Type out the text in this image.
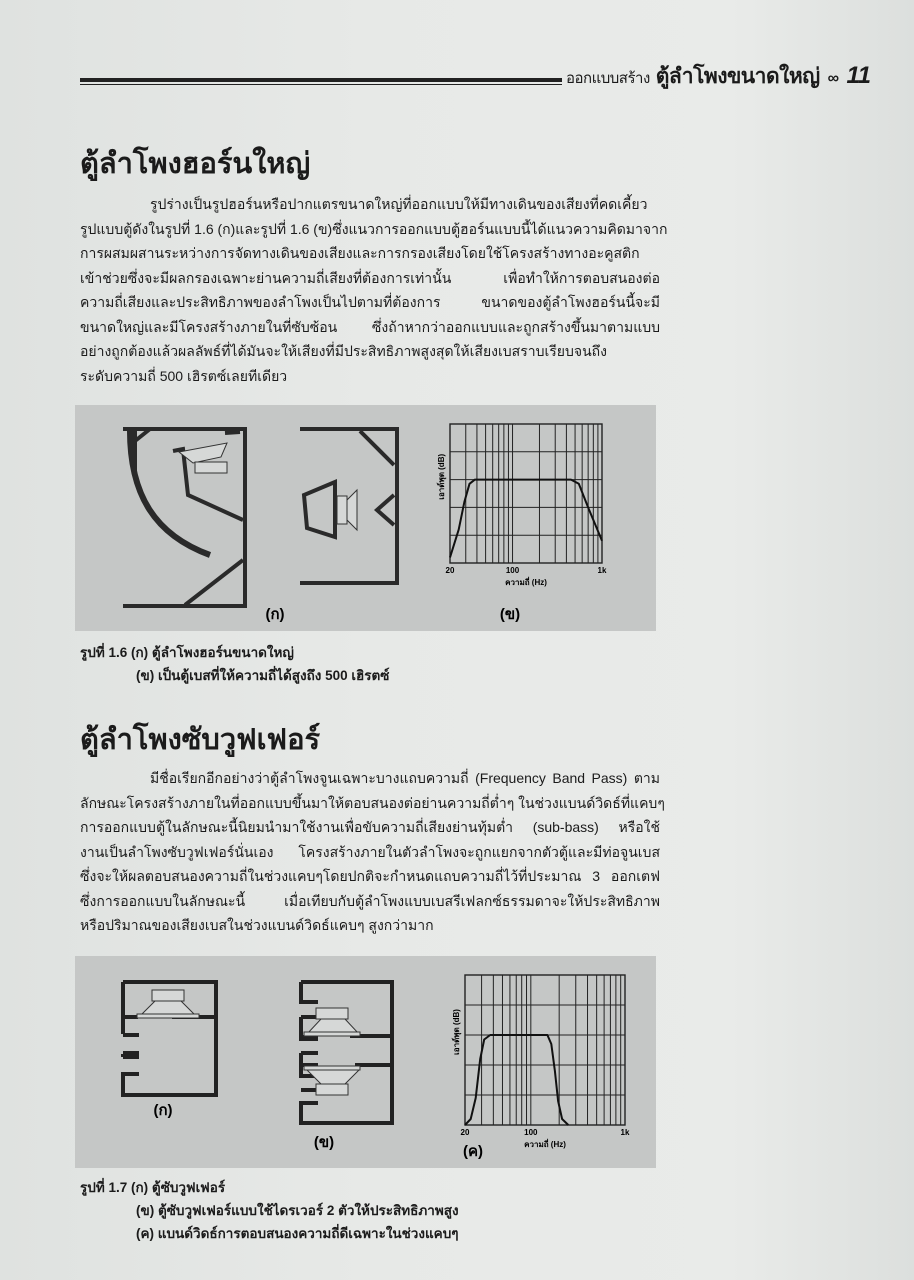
ออกแบบสร้าง ตู้ลำโพงขนาดใหญ่ ∞ 11
ตู้ลำโพงฮอร์นใหญ่
รูปร่างเป็นรูปฮอร์นหรือปากแตรขนาดใหญ่ที่ออกแบบให้มีทางเดินของเสียงที่คดเคี้ยว
รูปแบบตู้ดังในรูปที่ 1.6 (ก)และรูปที่ 1.6 (ข)ซึ่งแนวการออกแบบตู้ฮอร์นแบบนี้ได้แนวความคิดมาจาก
การผสมผสานระหว่างการจัดทางเดินของเสียงและการกรองเสียงโดยใช้โครงสร้างทางอะคูสติก
เข้าช่วยซึ่งจะมีผลกรองเฉพาะย่านความถี่เสียงที่ต้องการเท่านั้น เพื่อทำให้การตอบสนองต่อ
ความถี่เสียงและประสิทธิภาพของลำโพงเป็นไปตามที่ต้องการ ขนาดของตู้ลำโพงฮอร์นนี้จะมี
ขนาดใหญ่และมีโครงสร้างภายในที่ซับซ้อน ซึ่งถ้าหากว่าออกแบบและถูกสร้างขึ้นมาตามแบบ
อย่างถูกต้องแล้วผลลัพธ์ที่ได้มันจะให้เสียงที่มีประสิทธิภาพสูงสุดให้เสียงเบสราบเรียบจนถึง
ระดับความถี่ 500 เฮิรตซ์เลยทีเดียว
(ก)	(ข)
20	100	1k
ความถี่ (Hz)
เอาต์พุต (dB)
รูปที่ 1.6 (ก) ตู้ลำโพงฮอร์นขนาดใหญ่
(ข) เป็นตู้เบสที่ให้ความถี่ได้สูงถึง 500 เฮิรตซ์
ตู้ลำโพงซับวูฟเฟอร์
มีชื่อเรียกอีกอย่างว่าตู้ลำโพงจูนเฉพาะบางแถบความถี่ (Frequency Band Pass) ตาม
ลักษณะโครงสร้างภายในที่ออกแบบขึ้นมาให้ตอบสนองต่อย่านความถี่ต่ำๆ ในช่วงแบนด์วิดธ์ที่แคบๆ
การออกแบบตู้ในลักษณะนี้นิยมนำมาใช้งานเพื่อขับความถี่เสียงย่านทุ้มต่ำ (sub-bass) หรือใช้
งานเป็นลำโพงซับวูฟเฟอร์นั่นเอง โครงสร้างภายในตัวลำโพงจะถูกแยกจากตัวตู้และมีท่อจูนเบส
ซึ่งจะให้ผลตอบสนองความถี่ในช่วงแคบๆโดยปกติจะกำหนดแถบความถี่ไว้ที่ประมาณ 3 ออกเตฟ
ซึ่งการออกแบบในลักษณะนี้ เมื่อเทียบกับตู้ลำโพงแบบเบสรีเฟลกซ์ธรรมดาจะให้ประสิทธิภาพ
หรือปริมาณของเสียงเบสในช่วงแบนด์วิดธ์แคบๆ สูงกว่ามาก
(ก)
(ข)
(ค)
20	100	1k
ความถี่ (Hz)
เอาต์พุต (dB)
รูปที่ 1.7 (ก) ตู้ซับวูฟเฟอร์
(ข) ตู้ซับวูฟเฟอร์แบบใช้ไดรเวอร์ 2 ตัวให้ประสิทธิภาพสูง
(ค) แบนด์วิดธ์การตอบสนองความถี่ดีเฉพาะในช่วงแคบๆ
